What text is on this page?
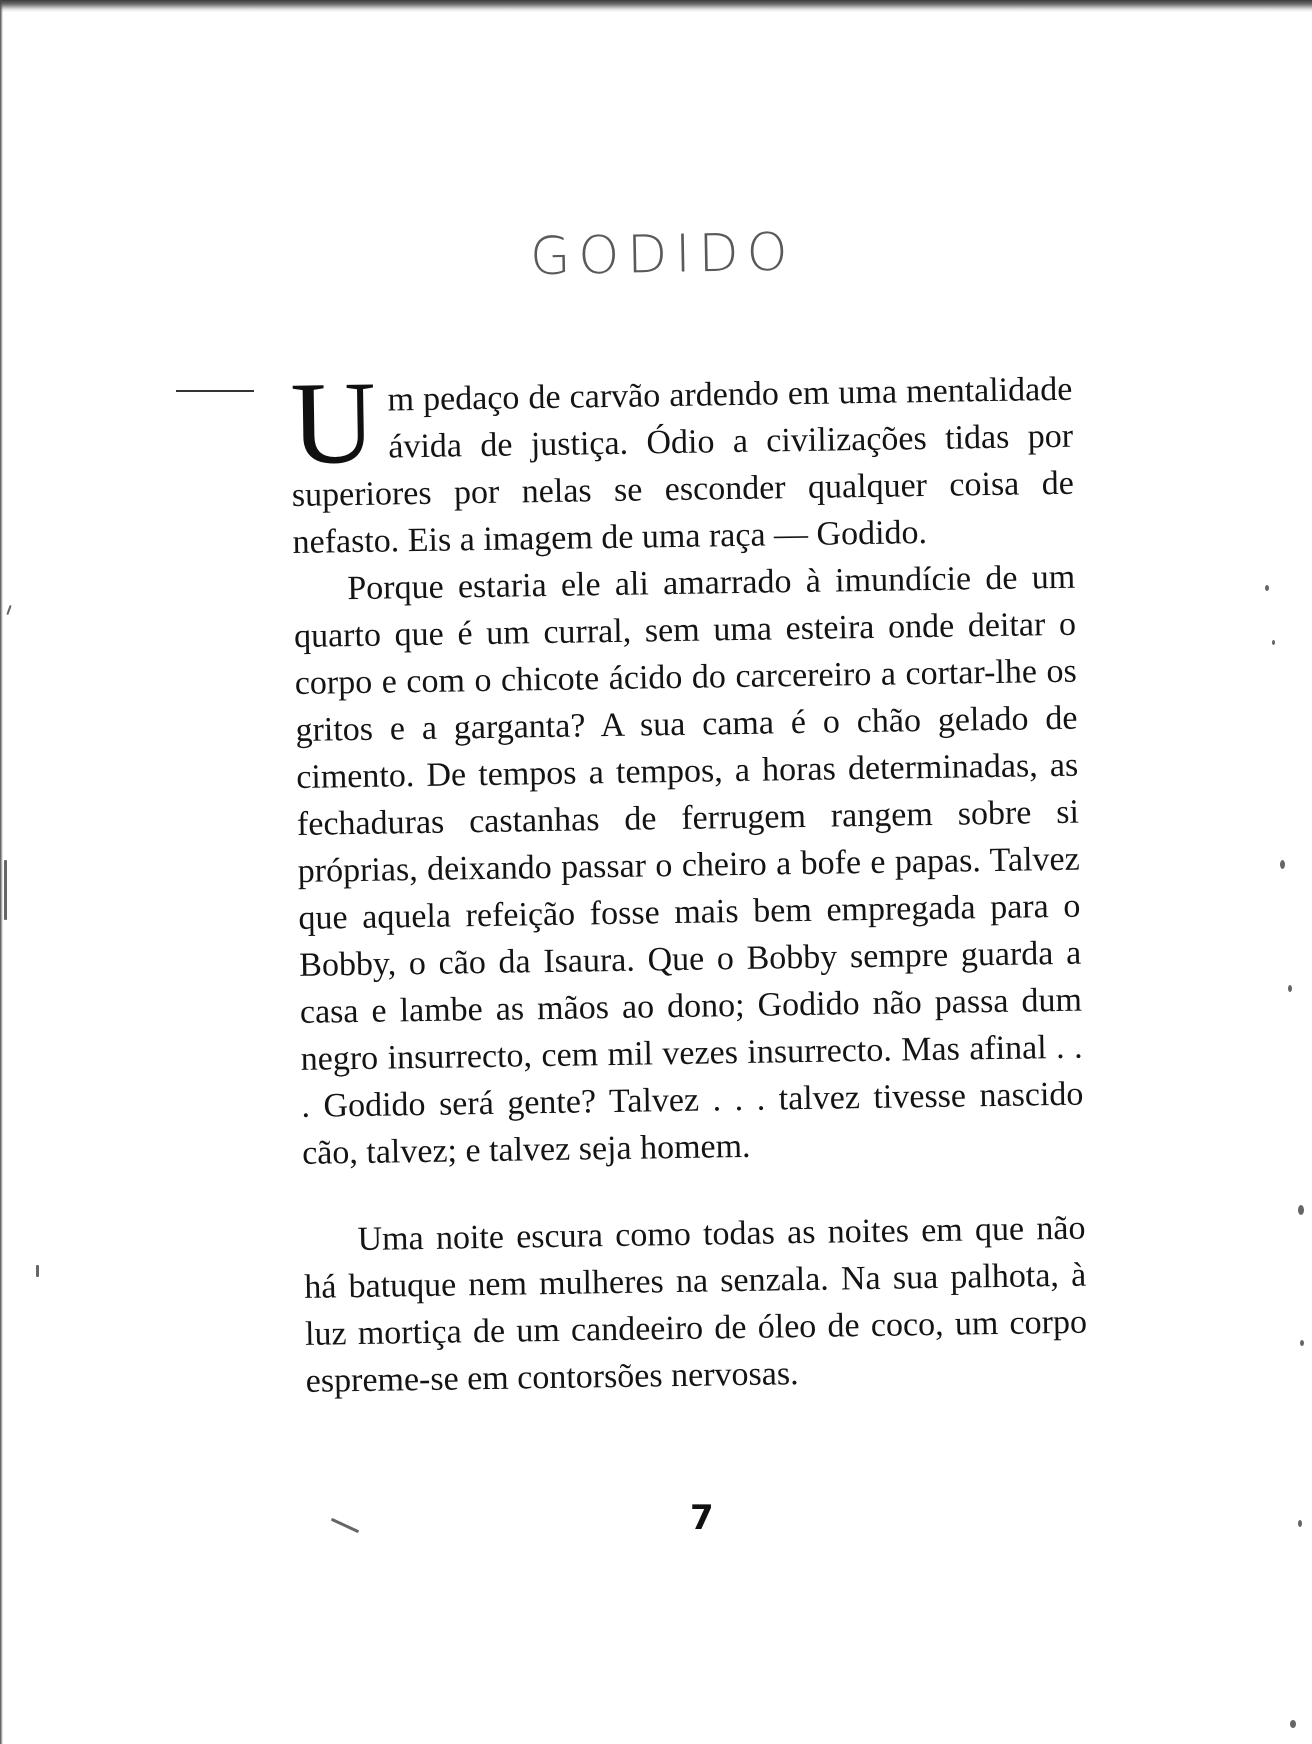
GODIDO

Um pedaço de carvão ardendo em uma mentalidade ávida de justiça. Ódio a civilizações tidas por superiores por nelas se esconder qualquer coisa de nefasto. Eis a imagem de uma raça — Godido.

Porque estaria ele ali amarrado à imundície de um quarto que é um curral, sem uma esteira onde deitar o corpo e com o chicote ácido do carcereiro a cortar-lhe os gritos e a garganta? A sua cama é o chão gelado de cimento. De tempos a tempos, a horas determinadas, as fechaduras castanhas de ferrugem rangem sobre si próprias, deixando passar o cheiro a bofe e papas. Talvez que aquela refeição fosse mais bem empregada para o Bobby, o cão da Isaura. Que o Bobby sempre guarda a casa e lambe as mãos ao dono; Godido não passa dum negro insurrecto, cem mil vezes insurrecto. Mas afinal . . . Godido será gente? Talvez . . . talvez tivesse nascido cão, talvez; e talvez seja homem.

Uma noite escura como todas as noites em que não há batuque nem mulheres na senzala. Na sua palhota, à luz mortiça de um candeeiro de óleo de coco, um corpo espreme-se em contorsões nervosas.

7
